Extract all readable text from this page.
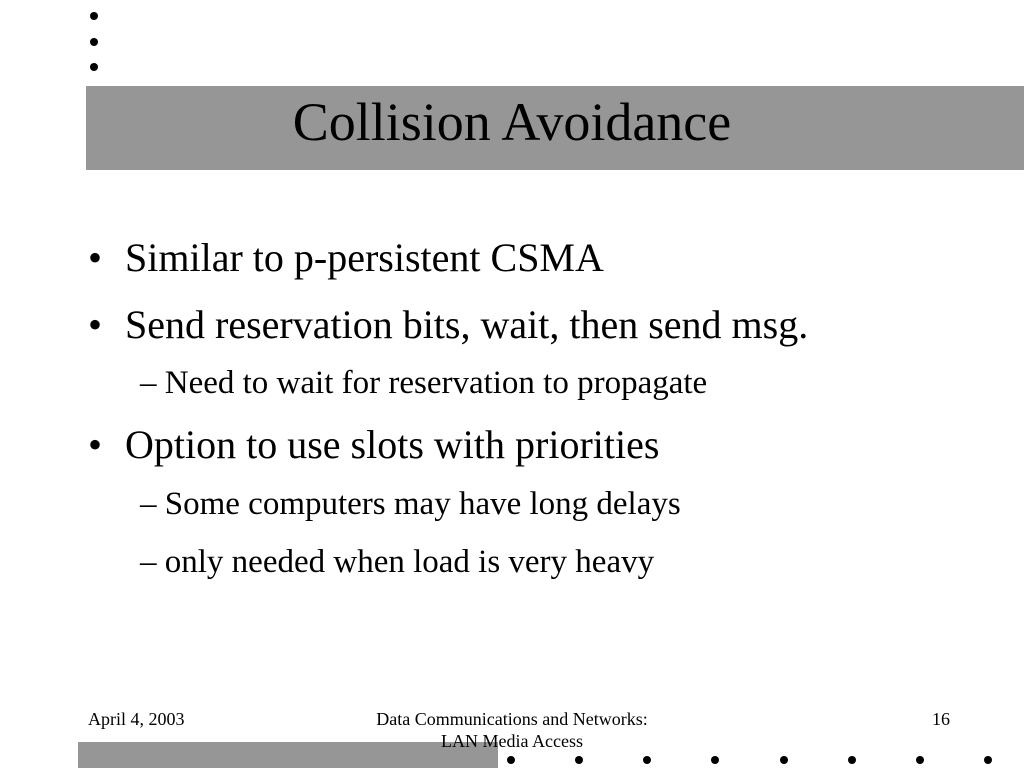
Collision Avoidance
• Similar to p-persistent CSMA
• Send reservation bits, wait, then send msg.
– Need to wait for reservation to propagate
• Option to use slots with priorities
– Some computers may have long delays
– only needed when load is very heavy
April 4, 2003	Data Communications and Networks:
LAN Media Access
16
